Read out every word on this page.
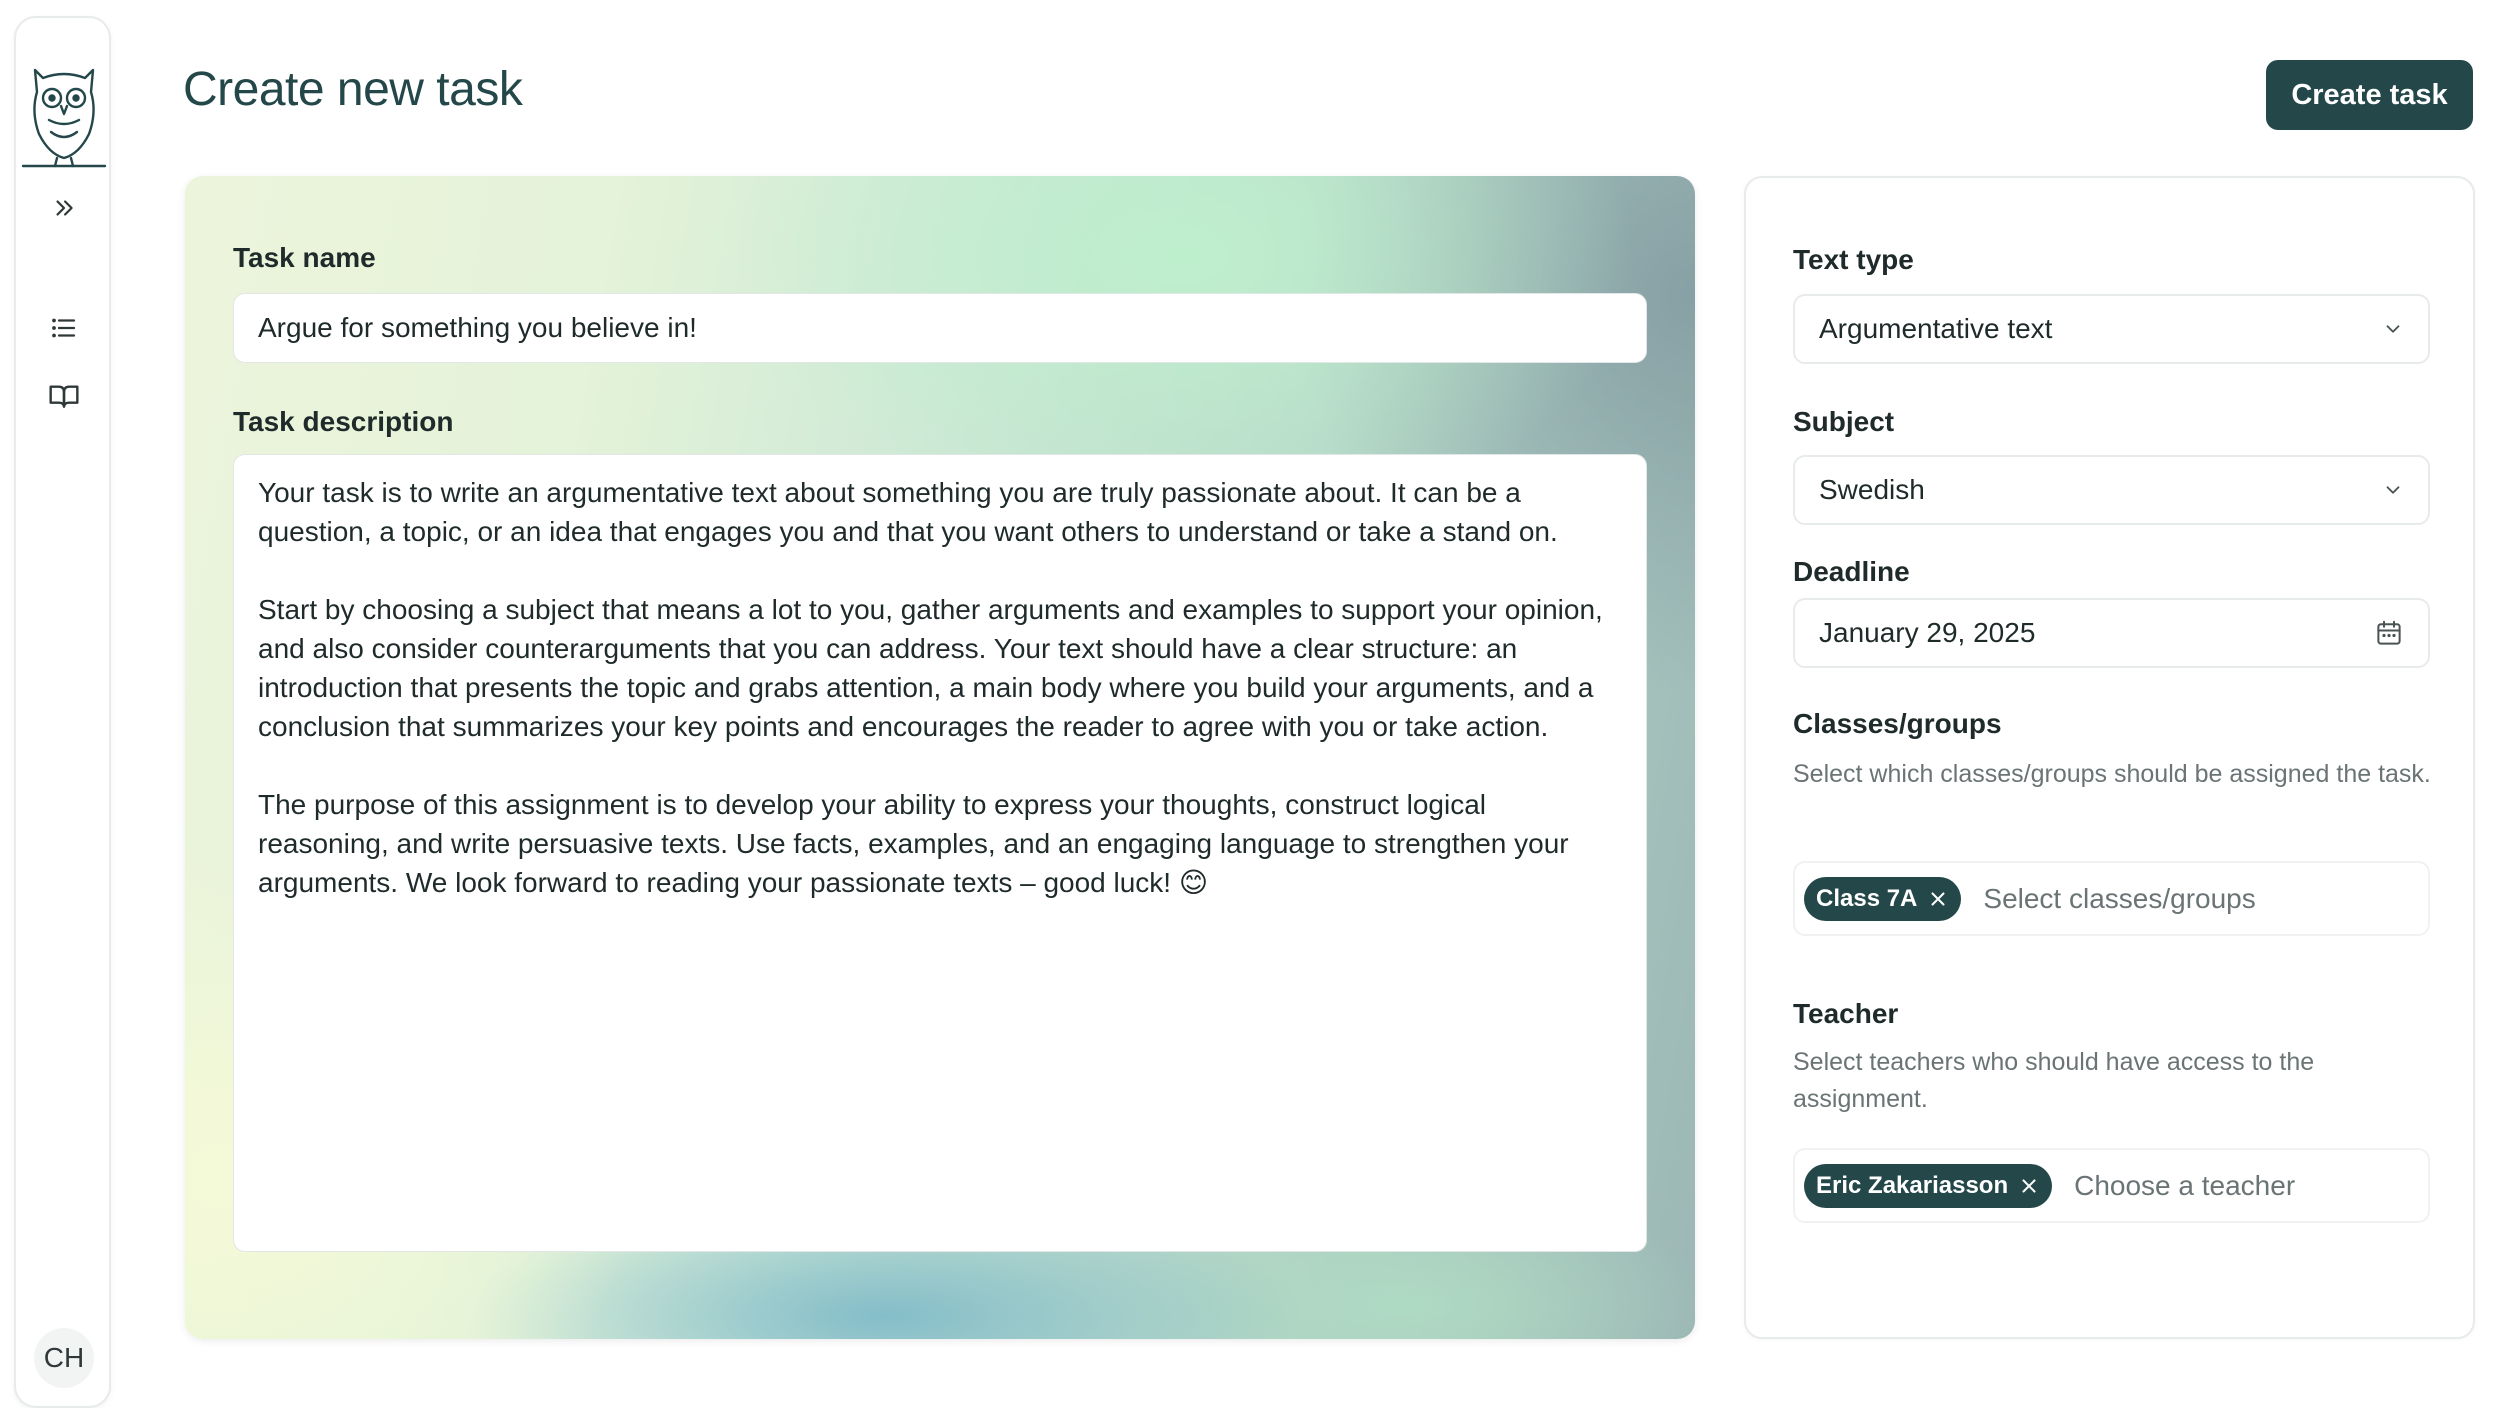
CH
Create new task	Create task
Task name
Argue for something you believe in!
Task description

Your task is to write an argumentative text about something you are truly passionate about. It can be a question, a topic, or an idea that engages you and that you want others to understand or take a stand on.

Start by choosing a subject that means a lot to you, gather arguments and examples to support your opinion, and also consider counterarguments that you can address. Your text should have a clear structure: an introduction that presents the topic and grabs attention, a main body where you build your arguments, and a conclusion that summarizes your key points and encourages the reader to agree with you or take action.

The purpose of this assignment is to develop your ability to express your thoughts, construct logical reasoning, and write persuasive texts. Use facts, examples, and an engaging language to strengthen your arguments. We look forward to reading your passionate texts – good luck! 😊

Text type
Argumentative text
Subject
Swedish
Deadline
January 29, 2025
Classes/groups
Select which classes/groups should be assigned the task.
Class 7A Select classes/groups
Teacher
Select teachers who should have access to the assignment.
Eric Zakariasson Choose a teacher
